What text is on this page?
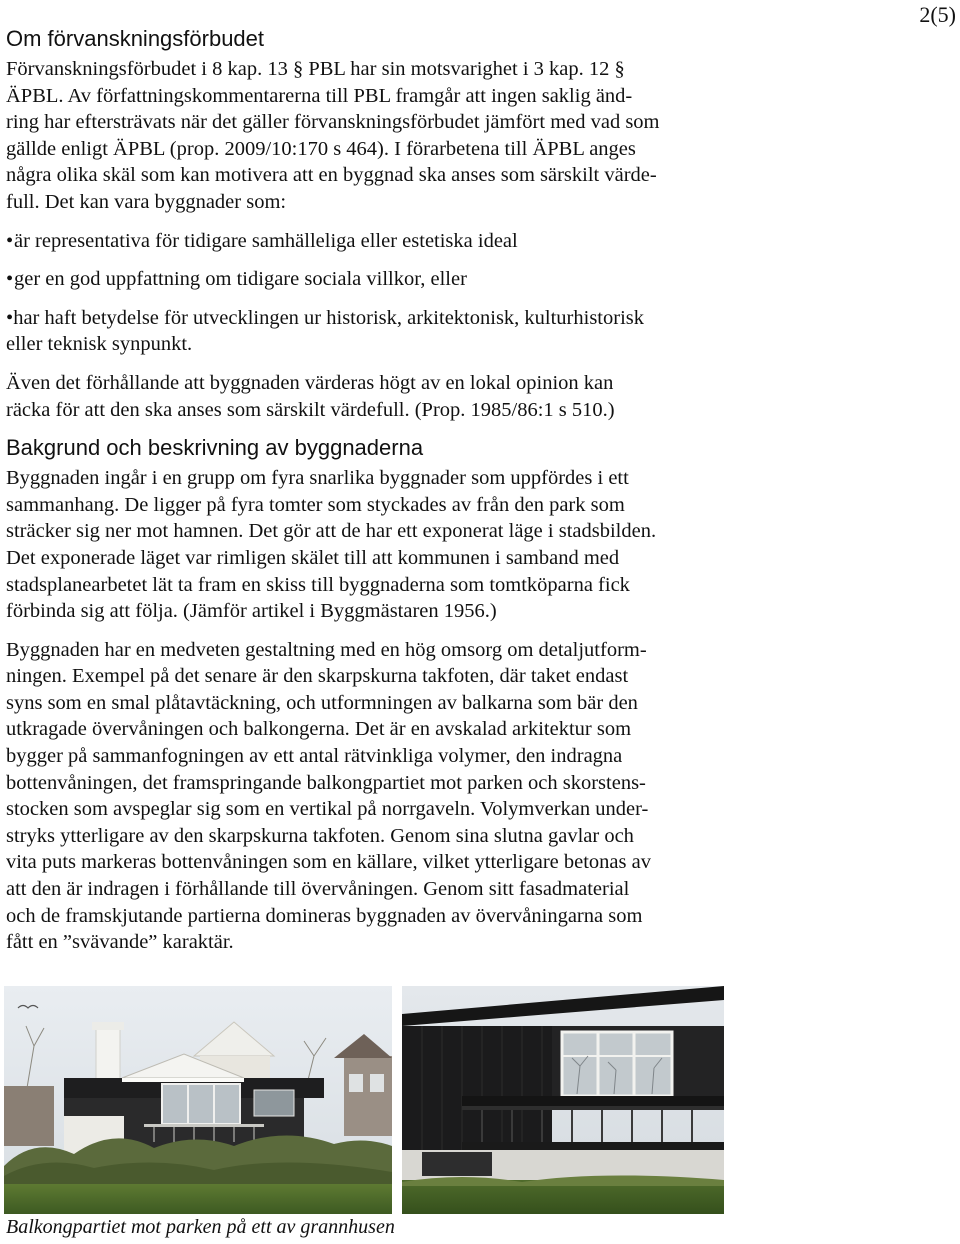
2(5)
Om förvanskningsförbudet

Förvanskningsförbudet i 8 kap. 13 § PBL har sin motsvarighet i 3 kap. 12 §
ÄPBL. Av författningskommentarerna till PBL framgår att ingen saklig änd-
ring har eftersträvats när det gäller förvanskningsförbudet jämfört med vad som
gällde enligt ÄPBL (prop. 2009/10:170 s 464). I förarbetena till ÄPBL anges
några olika skäl som kan motivera att en byggnad ska anses som särskilt värde-
full. Det kan vara byggnader som:

• är representativa för tidigare samhälleliga eller estetiska ideal

• ger en god uppfattning om tidigare sociala villkor, eller

•har haft betydelse för utvecklingen ur historisk, arkitektonisk, kulturhistorisk
eller teknisk synpunkt.

Även det förhållande att byggnaden värderas högt av en lokal opinion kan
räcka för att den ska anses som särskilt värdefull. (Prop. 1985/86:1 s 510.)

Bakgrund och beskrivning av byggnaderna

Byggnaden ingår i en grupp om fyra snarlika byggnader som uppfördes i ett
sammanhang. De ligger på fyra tomter som styckades av från den park som
sträcker sig ner mot hamnen. Det gör att de har ett exponerat läge i stadsbilden.
Det exponerade läget var rimligen skälet till att kommunen i samband med
stadsplanearbetet lät ta fram en skiss till byggnaderna som tomtköparna fick
förbinda sig att följa. (Jämför artikel i Byggmästaren 1956.)

Byggnaden har en medveten gestaltning med en hög omsorg om detaljutform-
ningen. Exempel på det senare är den skarpskurna takfoten, där taket endast
syns som en smal plåtavtäckning, och utformningen av balkarna som bär den
utkragade övervåningen och balkongerna. Det är en avskalad arkitektur som
bygger på sammanfogningen av ett antal rätvinkliga volymer, den indragna
bottenvåningen, det framspringande balkongpartiet mot parken och skorstens-
stocken som avspeglar sig som en vertikal på norrgaveln. Volymverkan under-
stryks ytterligare av den skarpskurna takfoten. Genom sina slutna gavlar och
vita puts markeras bottenvåningen som en källare, vilket ytterligare betonas av
att den är indragen i förhållande till övervåningen. Genom sitt fasadmaterial
och de framskjutande partierna domineras byggnaden av övervåningarna som
fått en ”svävande” karaktär.

Balkongpartiet mot parken på ett av grannhusen
